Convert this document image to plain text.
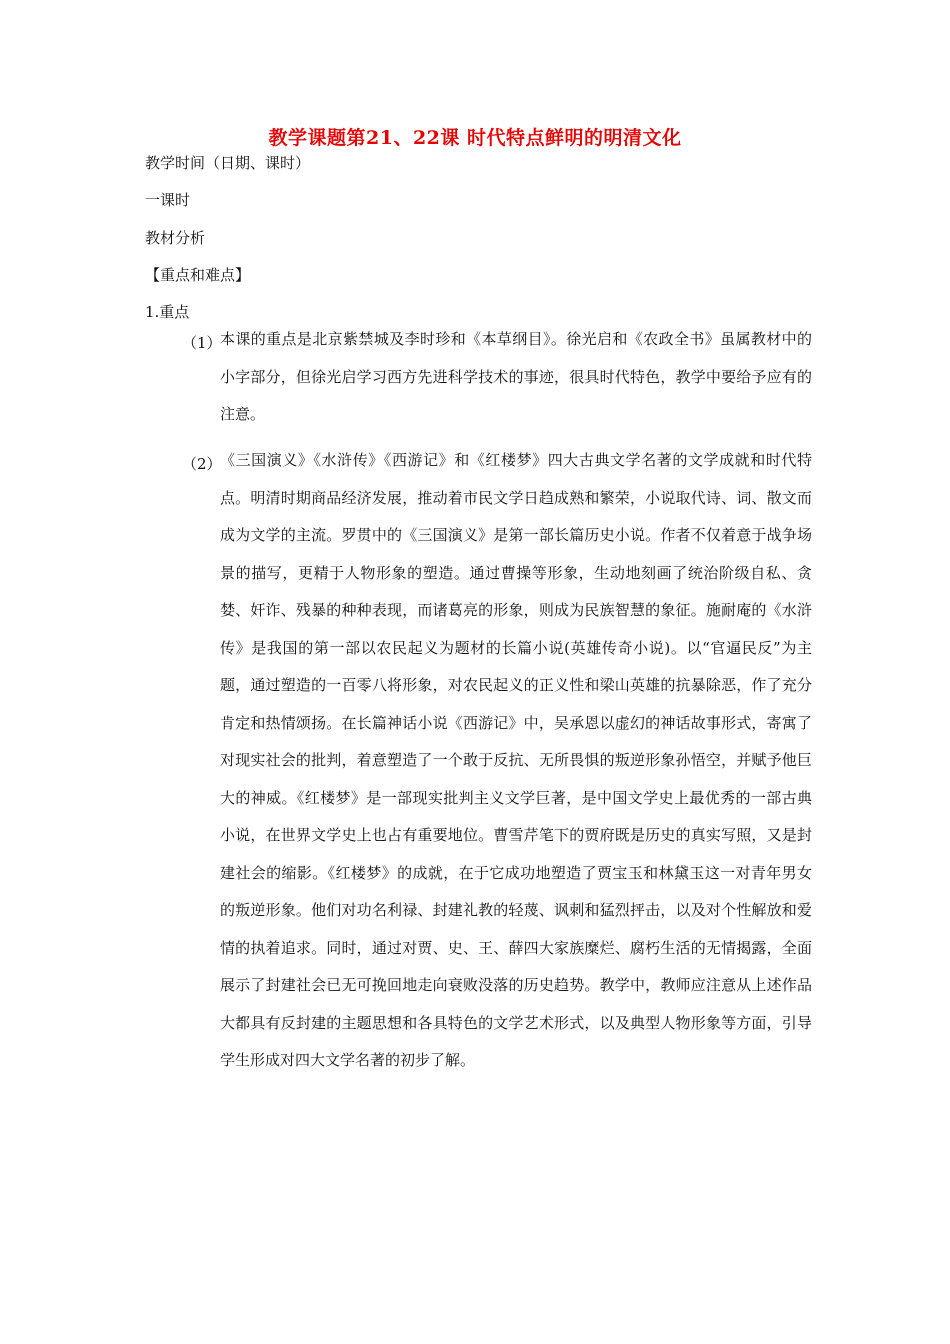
教学课题第21、22课 时代特点鲜明的明清文化
教学时间（日期、课时）
一课时
教材分析
【重点和难点】
1.重点
（1）
本课的重点是北京紫禁城及李时珍和《本草纲目》。徐光启和《农政全书》虽属教材中的小字部分，但徐光启学习西方先进科学技术的事迹，很具时代特色，教学中要给予应有的注意。
（2）
《三国演义》《水浒传》《西游记》和《红楼梦》四大古典文学名著的文学成就和时代特点。明清时期商品经济发展，推动着市民文学日趋成熟和繁荣，小说取代诗、词、散文而成为文学的主流。罗贯中的《三国演义》是第一部长篇历史小说。作者不仅着意于战争场景的描写，更精于人物形象的塑造。通过曹操等形象，生动地刻画了统治阶级自私、贪婪、奸诈、残暴的种种表现，而诸葛亮的形象，则成为民族智慧的象征。施耐庵的《水浒传》是我国的第一部以农民起义为题材的长篇小说(英雄传奇小说)。以“官逼民反”为主题，通过塑造的一百零八将形象，对农民起义的正义性和梁山英雄的抗暴除恶，作了充分肯定和热情颂扬。在长篇神话小说《西游记》中，吴承恩以虚幻的神话故事形式，寄寓了对现实社会的批判，着意塑造了一个敢于反抗、无所畏惧的叛逆形象孙悟空，并赋予他巨大的神威。《红楼梦》是一部现实批判主义文学巨著，是中国文学史上最优秀的一部古典小说，在世界文学史上也占有重要地位。曹雪芹笔下的贾府既是历史的真实写照，又是封建社会的缩影。《红楼梦》的成就，在于它成功地塑造了贾宝玉和林黛玉这一对青年男女的叛逆形象。他们对功名利禄、封建礼教的轻蔑、讽刺和猛烈抨击，以及对个性解放和爱情的执着追求。同时，通过对贾、史、王、薛四大家族糜烂、腐朽生活的无情揭露，全面展示了封建社会已无可挽回地走向衰败没落的历史趋势。教学中，教师应注意从上述作品大都具有反封建的主题思想和各具特色的文学艺术形式，以及典型人物形象等方面，引导学生形成对四大文学名著的初步了解。
